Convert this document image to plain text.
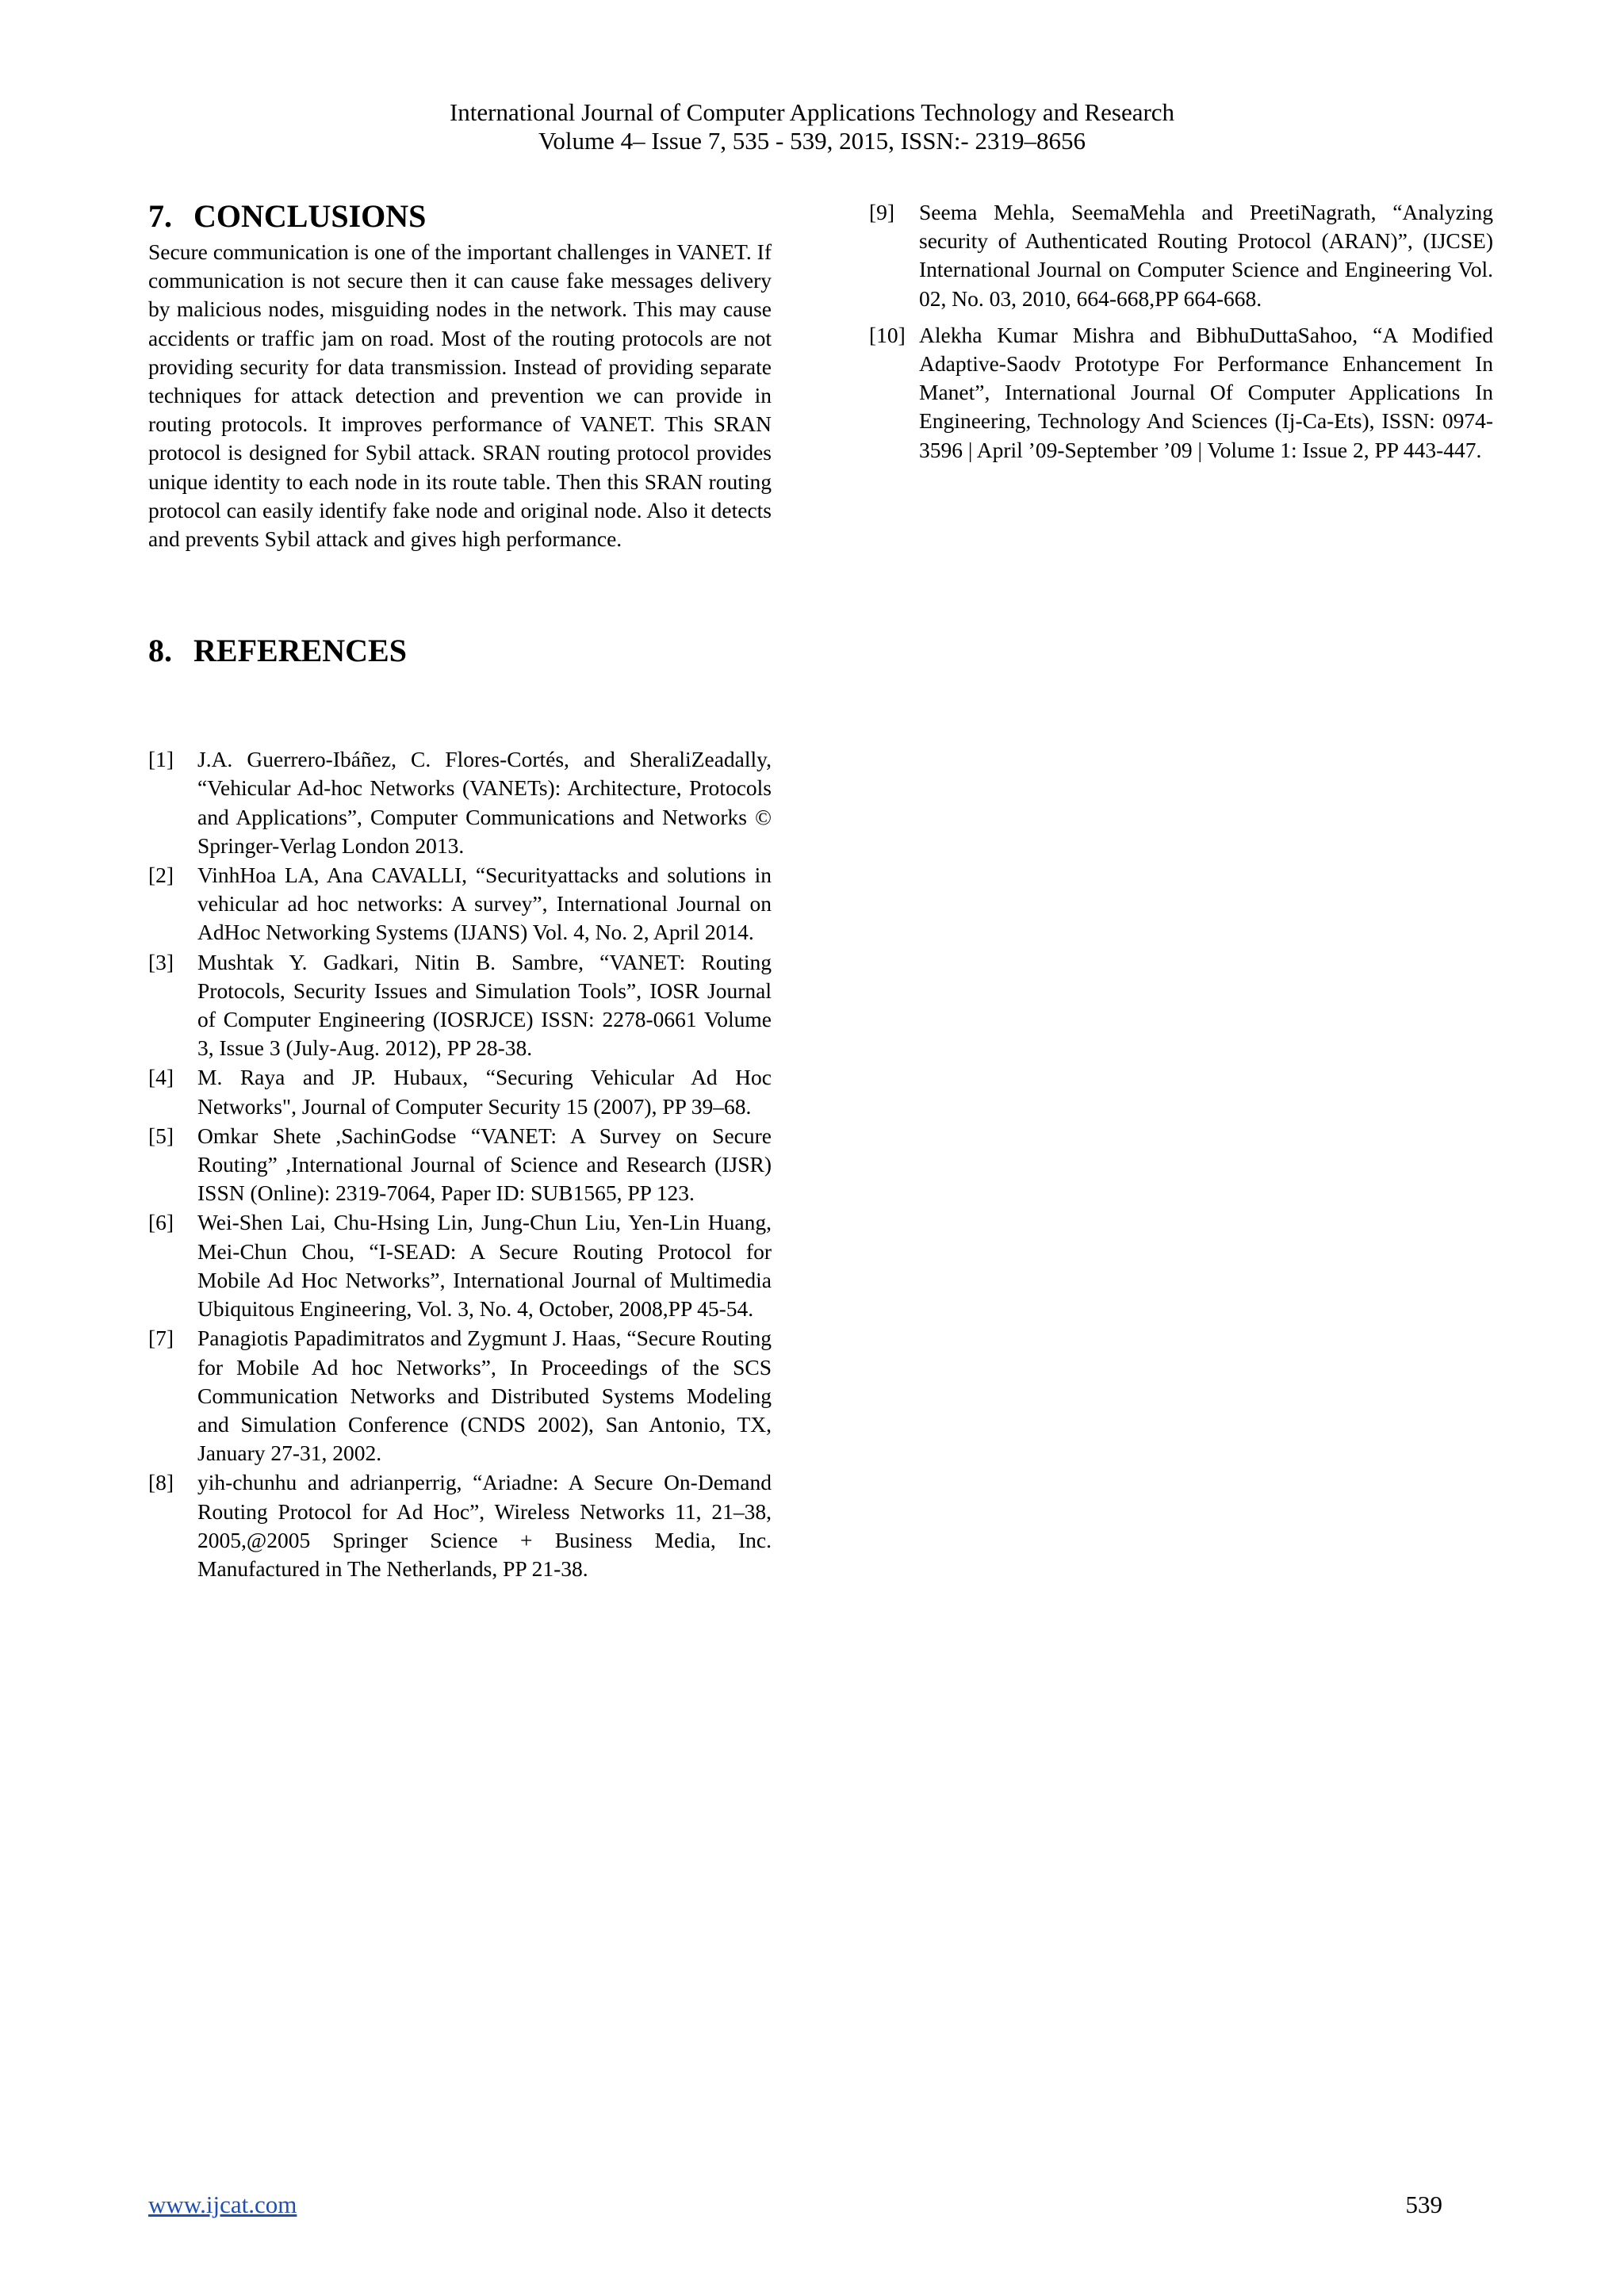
International Journal of Computer Applications Technology and Research
Volume 4– Issue 7, 535 - 539, 2015, ISSN:- 2319–8656
7. CONCLUSIONS

Secure communication is one of the important challenges in VANET. If communication is not secure then it can cause fake messages delivery by malicious nodes, misguiding nodes in the network. This may cause accidents or traffic jam on road. Most of the routing protocols are not providing security for data transmission. Instead of providing separate techniques for attack detection and prevention we can provide in routing protocols. It improves performance of VANET. This SRAN protocol is designed for Sybil attack. SRAN routing protocol provides unique identity to each node in its route table. Then this SRAN routing protocol can easily identify fake node and original node. Also it detects and prevents Sybil attack and gives high performance.

8. REFERENCES
[1] J.A. Guerrero-Ibáñez, C. Flores-Cortés, and SheraliZeadally, “Vehicular Ad-hoc Networks (VANETs): Architecture, Protocols and Applications”, Computer Communications and Networks © Springer-Verlag London 2013.
[2] VinhHoa LA, Ana CAVALLI, “Securityattacks and solutions in vehicular ad hoc networks: A survey”, International Journal on AdHoc Networking Systems (IJANS) Vol. 4, No. 2, April 2014.
[3] Mushtak Y. Gadkari, Nitin B. Sambre, “VANET: Routing Protocols, Security Issues and Simulation Tools”, IOSR Journal of Computer Engineering (IOSRJCE) ISSN: 2278-0661 Volume 3, Issue 3 (July-Aug. 2012), PP 28-38.
[4] M. Raya and JP. Hubaux, “Securing Vehicular Ad Hoc Networks", Journal of Computer Security 15 (2007), PP 39–68.
[5] Omkar Shete ,SachinGodse “VANET: A Survey on Secure Routing” ,International Journal of Science and Research (IJSR) ISSN (Online): 2319-7064, Paper ID: SUB1565, PP 123.
[6] Wei-Shen Lai, Chu-Hsing Lin, Jung-Chun Liu, Yen-Lin Huang, Mei-Chun Chou, “I-SEAD: A Secure Routing Protocol for Mobile Ad Hoc Networks”, International Journal of Multimedia Ubiquitous Engineering, Vol. 3, No. 4, October, 2008,PP 45-54.
[7] Panagiotis Papadimitratos and Zygmunt J. Haas, “Secure Routing for Mobile Ad hoc Networks”, In Proceedings of the SCS Communication Networks and Distributed Systems Modeling and Simulation Conference (CNDS 2002), San Antonio, TX, January 27-31, 2002.
[8] yih-chunhu and adrianperrig, “Ariadne: A Secure On-Demand Routing Protocol for Ad Hoc”, Wireless Networks 11, 21–38, 2005,@2005 Springer Science + Business Media, Inc. Manufactured in The Netherlands, PP 21-38.
[9] Seema Mehla, SeemaMehla and PreetiNagrath, “Analyzing security of Authenticated Routing Protocol (ARAN)”, (IJCSE) International Journal on Computer Science and Engineering Vol. 02, No. 03, 2010, 664-668,PP 664-668.
[10] Alekha Kumar Mishra and BibhuDuttaSahoo, “A Modified Adaptive-Saodv Prototype For Performance Enhancement In Manet”, International Journal Of Computer Applications In Engineering, Technology And Sciences (Ij-Ca-Ets), ISSN: 0974-3596 | April ’09-September ’09 | Volume 1: Issue 2, PP 443-447.
www.ijcat.com	539
